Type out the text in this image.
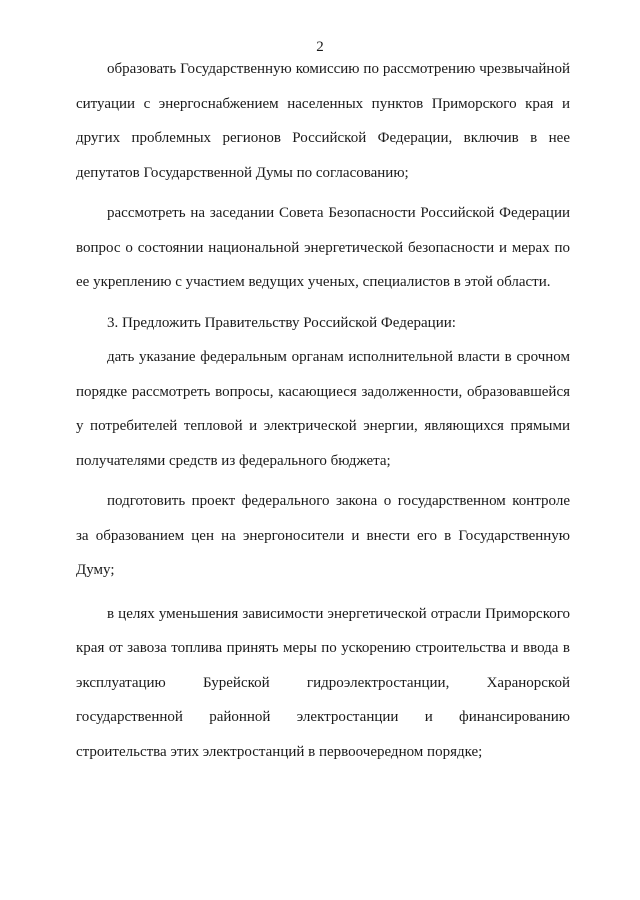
2

образовать Государственную комиссию по рассмотрению чрезвычайной ситуации с энергоснабжением населенных пунктов Приморского края и других проблемных регионов Российской Федерации, включив в нее депутатов Государственной Думы по согласованию;

рассмотреть на заседании Совета Безопасности Российской Федерации вопрос о состоянии национальной энергетической безопасности и мерах по ее укреплению с участием ведущих ученых, специалистов в этой области.

3. Предложить Правительству Российской Федерации:

дать указание федеральным органам исполнительной власти в срочном порядке рассмотреть вопросы, касающиеся задолженности, образовавшейся у потребителей тепловой и электрической энергии, являющихся прямыми получателями средств из федерального бюджета;

подготовить проект федерального закона о государственном контроле за образованием цен на энергоносители и внести его в Государственную Думу;

в целях уменьшения зависимости энергетической отрасли Приморского края от завоза топлива принять меры по ускорению строительства и ввода в эксплуатацию Бурейской гидроэлектростанции, Харанорской государственной районной электростанции и финансированию строительства этих электростанций в первоочередном порядке;
